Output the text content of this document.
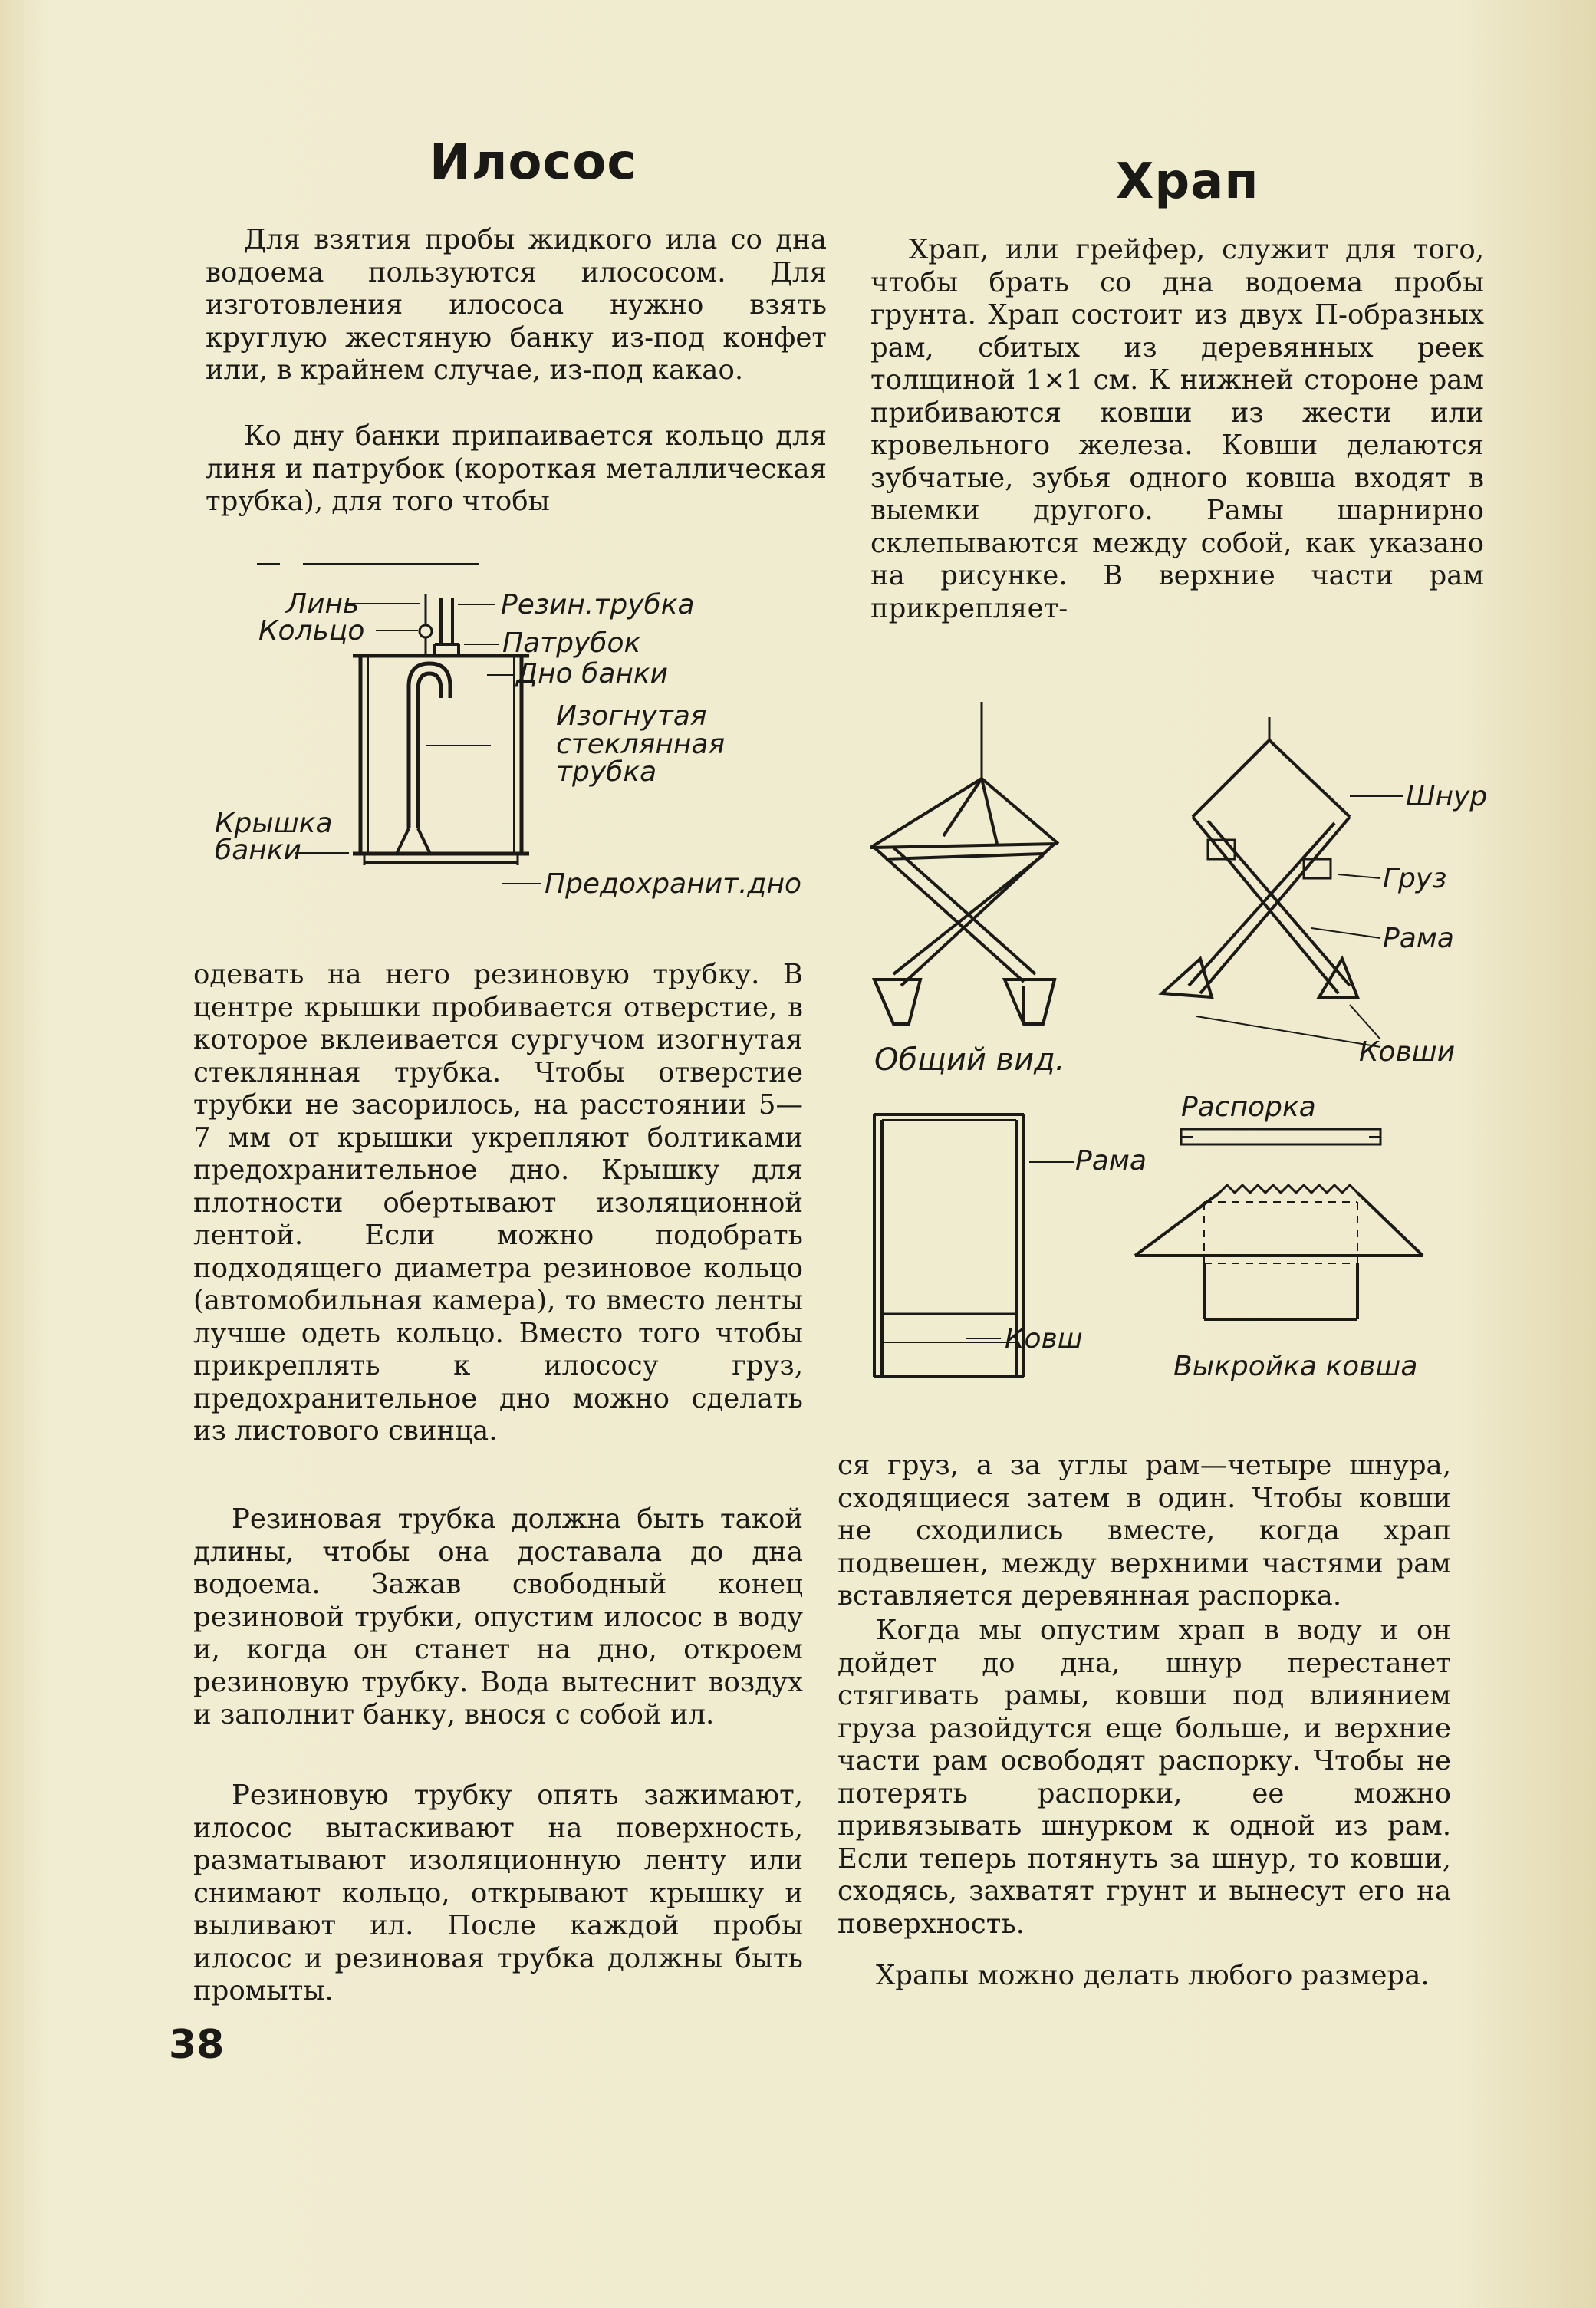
Илосос

Для взятия пробы жидкого ила со дна водоема пользуются илососом. Для изготовления илососа нужно взять круглую жестяную банку из-под конфет или, в крайнем случае, из-под какао.

Ко дну банки припаивается кольцо для линя и патрубок (короткая металлическая трубка), для того чтобы

Линь
Кольцо
Резин.трубка
Патрубок
Дно банки
Изогнутая
стеклянная
трубка
Крышка
банки
Предохранит.дно

одевать на него резиновую трубку. В центре крышки пробивается отверстие, в которое вклеивается сургучом изогнутая стеклянная трубка. Чтобы отверстие трубки не засорилось, на расстоянии 5—7 мм от крышки укрепляют болтиками предохранительное дно. Крышку для плотности обертывают изоляционной лентой. Если можно подобрать подходящего диаметра резиновое кольцо (автомобильная камера), то вместо ленты лучше одеть кольцо. Вместо того чтобы прикреплять к илососу груз, предохранительное дно можно сделать из листового свинца.

Резиновая трубка должна быть такой длины, чтобы она доставала до дна водоема. Зажав свободный конец резиновой трубки, опустим илосос в воду и, когда он станет на дно, откроем резиновую трубку. Вода вытеснит воздух и заполнит банку, внося с собой ил.

Резиновую трубку опять зажимают, илосос вытаскивают на поверхность, разматывают изоляционную ленту или снимают кольцо, открывают крышку и выливают ил. После каждой пробы илосос и резиновая трубка должны быть промыты.

38
Храп

Храп, или грейфер, служит для того, чтобы брать со дна водоема пробы грунта. Храп состоит из двух П-образных рам, сбитых из деревянных реек толщиной 1×1 см. К нижней стороне рам прибиваются ковши из жести или кровельного железа. Ковши делаются зубчатые, зубья одного ковша входят в выемки другого. Рамы шарнирно склепываются между собой, как указано на рисунке. В верхние части рам прикрепляет-

Шнур
Груз
Рама
Ковши
Общий вид.
Распорка
Рама
Ковш
Выкройка ковша

ся груз, а за углы рам—четыре шнура, сходящиеся затем в один. Чтобы ковши не сходились вместе, когда храп подвешен, между верхними частями рам вставляется деревянная распорка.

Когда мы опустим храп в воду и он дойдет до дна, шнур перестанет стягивать рамы, ковши под влиянием груза разойдутся еще больше, и верхние части рам освободят распорку. Чтобы не потерять распорки, ее можно привязывать шнурком к одной из рам. Если теперь потянуть за шнур, то ковши, сходясь, захватят грунт и вынесут его на поверхность.

Храпы можно делать любого размера.
